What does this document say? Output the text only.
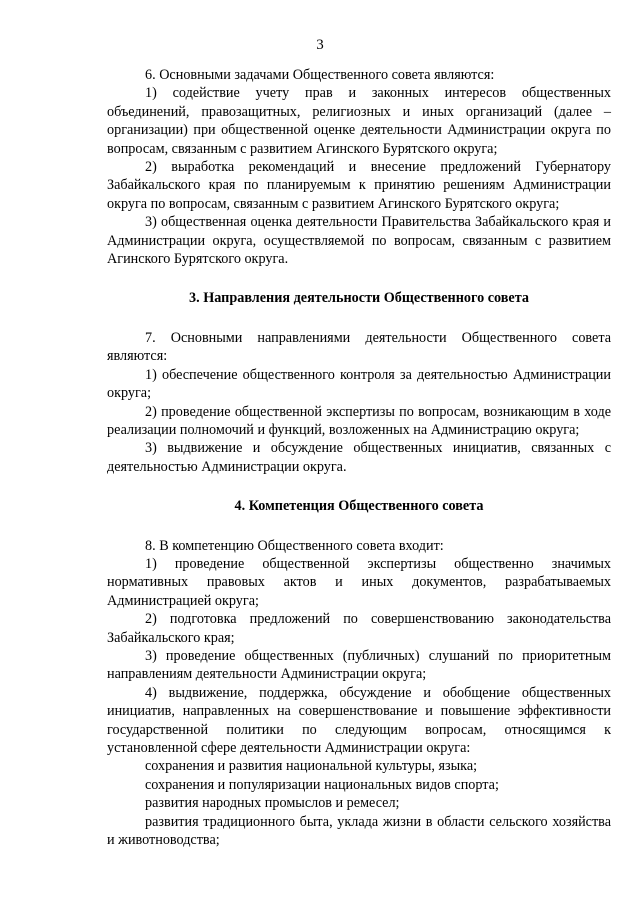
3

6. Основными задачами Общественного совета являются:

1) содействие учету прав и законных интересов общественных объединений, правозащитных, религиозных и иных организаций (далее – организации) при общественной оценке деятельности Администрации округа по вопросам, связанным с развитием Агинского Бурятского округа;

2) выработка рекомендаций и внесение предложений Губернатору Забайкальского края по планируемым к принятию решениям Администрации округа по вопросам, связанным с развитием Агинского Бурятского округа;

3) общественная оценка деятельности Правительства Забайкальского края и Администрации округа, осуществляемой по вопросам, связанным с развитием Агинского Бурятского округа.

3. Направления деятельности Общественного совета

7. Основными направлениями деятельности Общественного совета являются:

1) обеспечение общественного контроля за деятельностью Администрации округа;

2) проведение общественной экспертизы по вопросам, возникающим в ходе реализации полномочий и функций, возложенных на Администрацию округа;

3) выдвижение и обсуждение общественных инициатив, связанных с деятельностью Администрации округа.

4. Компетенция Общественного совета

8. В компетенцию Общественного совета входит:

1) проведение общественной экспертизы общественно значимых нормативных правовых актов и иных документов, разрабатываемых Администрацией округа;

2) подготовка предложений по совершенствованию законодательства Забайкальского края;

3) проведение общественных (публичных) слушаний по приоритетным направлениям деятельности Администрации округа;

4) выдвижение, поддержка, обсуждение и обобщение общественных инициатив, направленных на совершенствование и повышение эффективности государственной политики по следующим вопросам, относящимся к установленной сфере деятельности Администрации округа:

сохранения и развития национальной культуры, языка;

сохранения и популяризации национальных видов спорта;

развития народных промыслов и ремесел;

развития традиционного быта, уклада жизни в области сельского хозяйства и животноводства;
